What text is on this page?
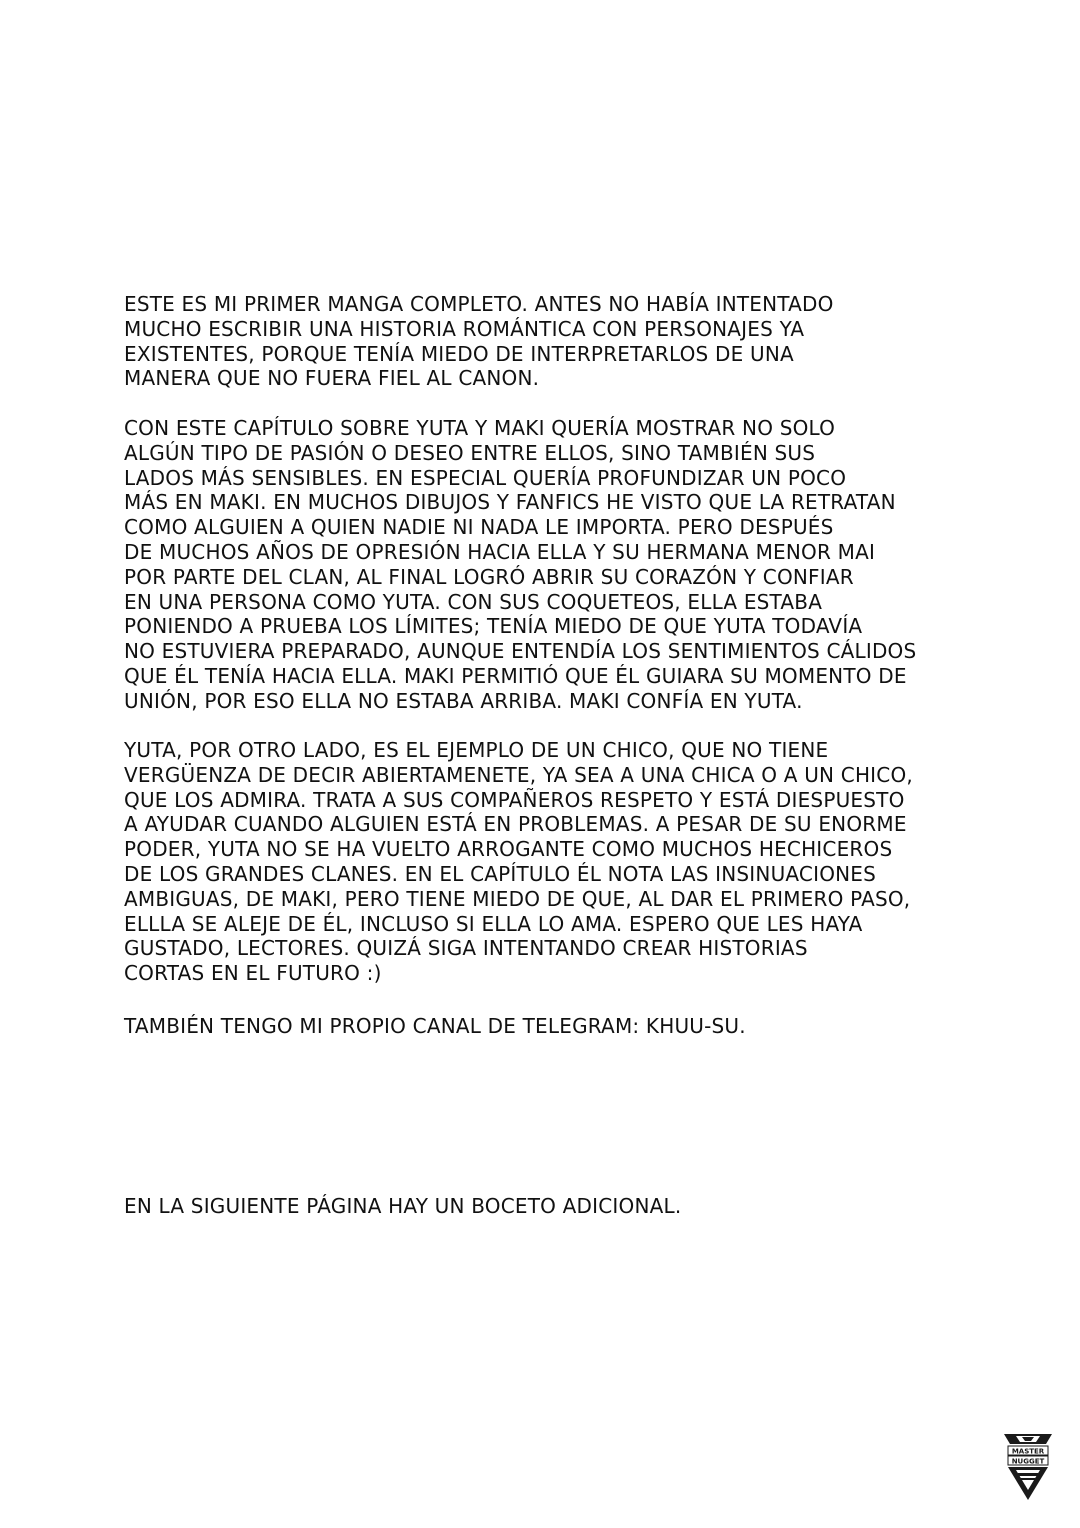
ESTE ES MI PRIMER MANGA COMPLETO. ANTES NO HABÍA INTENTADO
MUCHO ESCRIBIR UNA HISTORIA ROMÁNTICA CON PERSONAJES YA
EXISTENTES, PORQUE TENÍA MIEDO DE INTERPRETARLOS DE UNA
MANERA QUE NO FUERA FIEL AL CANON.
CON ESTE CAPÍTULO SOBRE YUTA Y MAKI QUERÍA MOSTRAR NO SOLO
ALGÚN TIPO DE PASIÓN O DESEO ENTRE ELLOS, SINO TAMBIÉN SUS
LADOS MÁS SENSIBLES. EN ESPECIAL QUERÍA PROFUNDIZAR UN POCO
MÁS EN MAKI. EN MUCHOS DIBUJOS Y FANFICS HE VISTO QUE LA RETRATAN
COMO ALGUIEN A QUIEN NADIE NI NADA LE IMPORTA. PERO DESPUÉS
DE MUCHOS AÑOS DE OPRESIÓN HACIA ELLA Y SU HERMANA MENOR MAI
POR PARTE DEL CLAN, AL FINAL LOGRÓ ABRIR SU CORAZÓN Y CONFIAR
EN UNA PERSONA COMO YUTA. CON SUS COQUETEOS, ELLA ESTABA
PONIENDO A PRUEBA LOS LÍMITES; TENÍA MIEDO DE QUE YUTA TODAVÍA
NO ESTUVIERA PREPARADO, AUNQUE ENTENDÍA LOS SENTIMIENTOS CÁLIDOS
QUE ÉL TENÍA HACIA ELLA. MAKI PERMITIÓ QUE ÉL GUIARA SU MOMENTO DE
UNIÓN, POR ESO ELLA NO ESTABA ARRIBA. MAKI CONFÍA EN YUTA.
YUTA, POR OTRO LADO, ES EL EJEMPLO DE UN CHICO, QUE NO TIENE
VERGÜENZA DE DECIR ABIERTAMENETE, YA SEA A UNA CHICA O A UN CHICO,
QUE LOS ADMIRA. TRATA A SUS COMPAÑEROS RESPETO Y ESTÁ DIESPUESTO
A AYUDAR CUANDO ALGUIEN ESTÁ EN PROBLEMAS. A PESAR DE SU ENORME
PODER, YUTA NO SE HA VUELTO ARROGANTE COMO MUCHOS HECHICEROS
DE LOS GRANDES CLANES. EN EL CAPÍTULO ÉL NOTA LAS INSINUACIONES
AMBIGUAS, DE MAKI, PERO TIENE MIEDO DE QUE, AL DAR EL PRIMERO PASO,
ELLLA SE ALEJE DE ÉL, INCLUSO SI ELLA LO AMA. ESPERO QUE LES HAYA
GUSTADO, LECTORES. QUIZÁ SIGA INTENTANDO CREAR HISTORIAS
CORTAS EN EL FUTURO :)
TAMBIÉN TENGO MI PROPIO CANAL DE TELEGRAM: KHUU-SU.
EN LA SIGUIENTE PÁGINA HAY UN BOCETO ADICIONAL.
MASTER
NUGGET
